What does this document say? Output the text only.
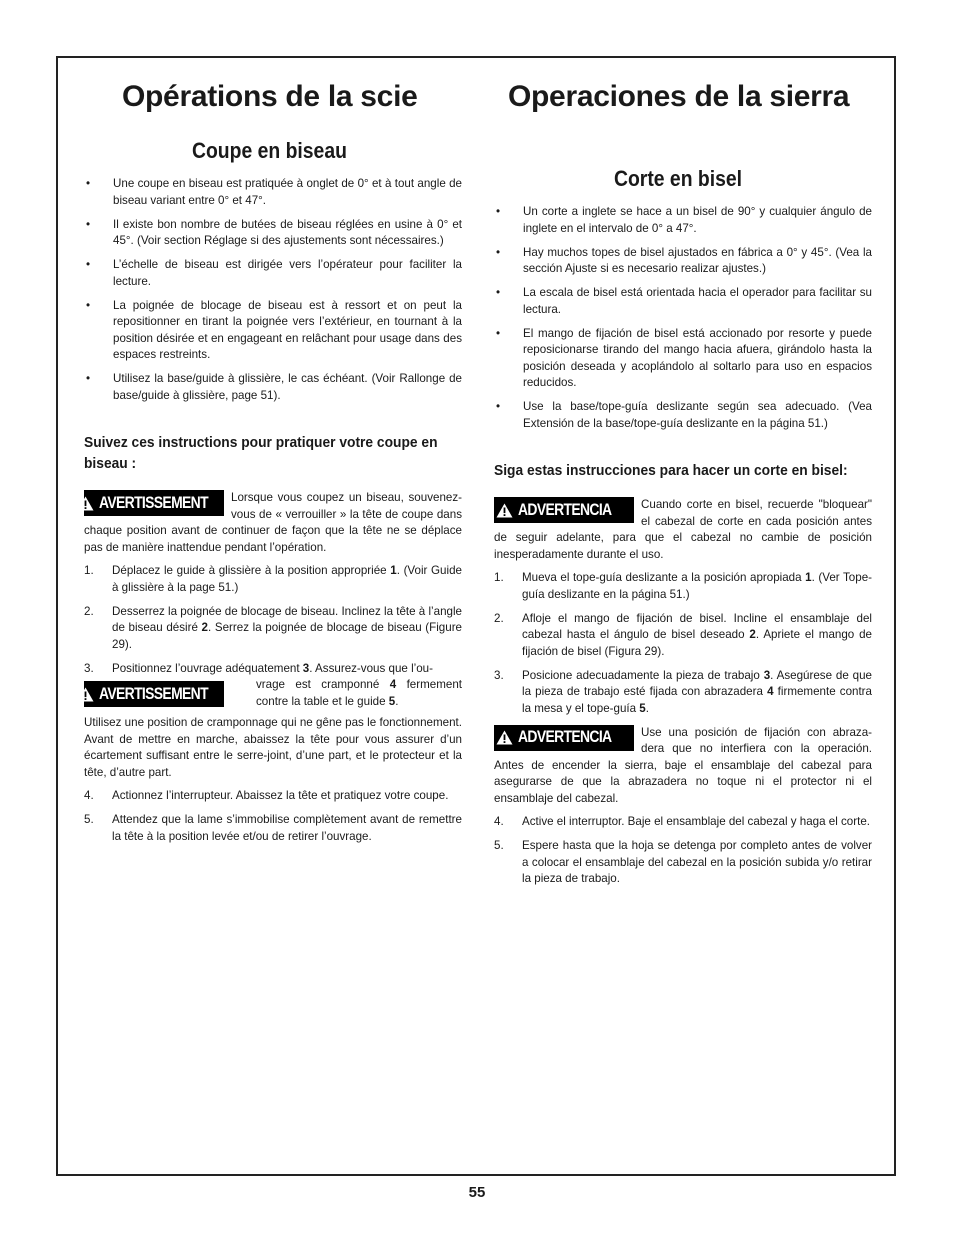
Opérations de la scie
Coupe en biseau
• Une coupe en biseau est pratiquée à onglet de 0° et à tout angle de biseau variant entre 0° et 47°.
• Il existe bon nombre de butées de biseau réglées en usine à 0° et 45°. (Voir section Réglage si des ajustements sont nécessaires.)
• L’échelle de biseau est dirigée vers l’opérateur pour faciliter la lecture.
• La poignée de blocage de biseau est à ressort et on peut la repositionner en tirant la poignée vers l’extérieur, en tournant à la position désirée et en engageant en relâchant pour usage dans des espaces restreints.
• Utilisez la base/guide à glissière, le cas échéant. (Voir Rallonge de base/guide à glissière, page 51).
Suivez ces instructions pour pratiquer votre coupe en biseau :
AVERTISSEMENT Lorsque vous coupez un biseau, souvenez-vous de « verrouiller » la tête de coupe dans chaque position avant de continuer de façon que la tête ne se déplace pas de manière inattendue pendant l’opération.
1. Déplacez le guide à glissière à la position appropriée 1. (Voir Guide à glissière à la page 51.)
2. Desserrez la poignée de blocage de biseau. Inclinez la tête à l’angle de biseau désiré 2. Serrez la poignée de blocage de biseau (Figure 29).
3. Positionnez l’ouvrage adéquatement 3. Assurez-vous que l’ou-
AVERTISSEMENT	vrage est cramponné 4 fermement contre la table et le guide 5.
Utilisez une position de cramponnage qui ne gêne pas le fonctionnement. Avant de mettre en marche, abaissez la tête pour vous assurer d’un écartement suffisant entre le serre-joint, d’une part, et le protecteur et la tête, d’autre part.
4. Actionnez l’interrupteur. Abaissez la tête et pratiquez votre coupe.
5. Attendez que la lame s’immobilise complètement avant de remettre la tête à la position levée et/ou de retirer l’ouvrage.
Operaciones de la sierra
Corte en bisel
• Un corte a inglete se hace a un bisel de 90° y cualquier ángulo de inglete en el intervalo de 0° a 47°.
• Hay muchos topes de bisel ajustados en fábrica a 0° y 45°. (Vea la sección Ajuste si es necesario realizar ajustes.)
• La escala de bisel está orientada hacia el operador para facilitar su lectura.
• El mango de fijación de bisel está accionado por resorte y puede reposicionarse tirando del mango hacia afuera, girándolo hasta la posición deseada y acoplándolo al soltarlo para uso en espacios reducidos.
• Use la base/tope-guía deslizante según sea adecuado. (Vea Extensión de la base/tope-guía deslizante en la página 51.)
Siga estas instrucciones para hacer un corte en bisel:
ADVERTENCIA	Cuando corte en bisel, recuerde "bloquear" el cabezal de corte en cada posición antes de seguir adelante, para que el cabezal no cambie de posición inesperadamente durante el uso.
1. Mueva el tope-guía deslizante a la posición apropiada 1. (Ver Tope-guía deslizante en la página 51.)
2. Afloje el mango de fijación de bisel. Incline el ensamblaje del cabezal hasta el ángulo de bisel deseado 2. Apriete el mango de fijación de bisel (Figura 29).
3. Posicione adecuadamente la pieza de trabajo 3. Asegúrese de que la pieza de trabajo esté fijada con abrazadera 4 firmemente contra la mesa y el tope-guía 5.
ADVERTENCIA	Use una posición de fijación con abraza-dera que no interfiera con la operación. Antes de encender la sierra, baje el ensamblaje del cabezal para asegurarse de que la abrazadera no toque ni el protector ni el ensamblaje del cabezal.
4. Active el interruptor. Baje el ensamblaje del cabezal y haga el corte.
5. Espere hasta que la hoja se detenga por completo antes de volver a colocar el ensamblaje del cabezal en la posición subida y/o retirar la pieza de trabajo.
55
